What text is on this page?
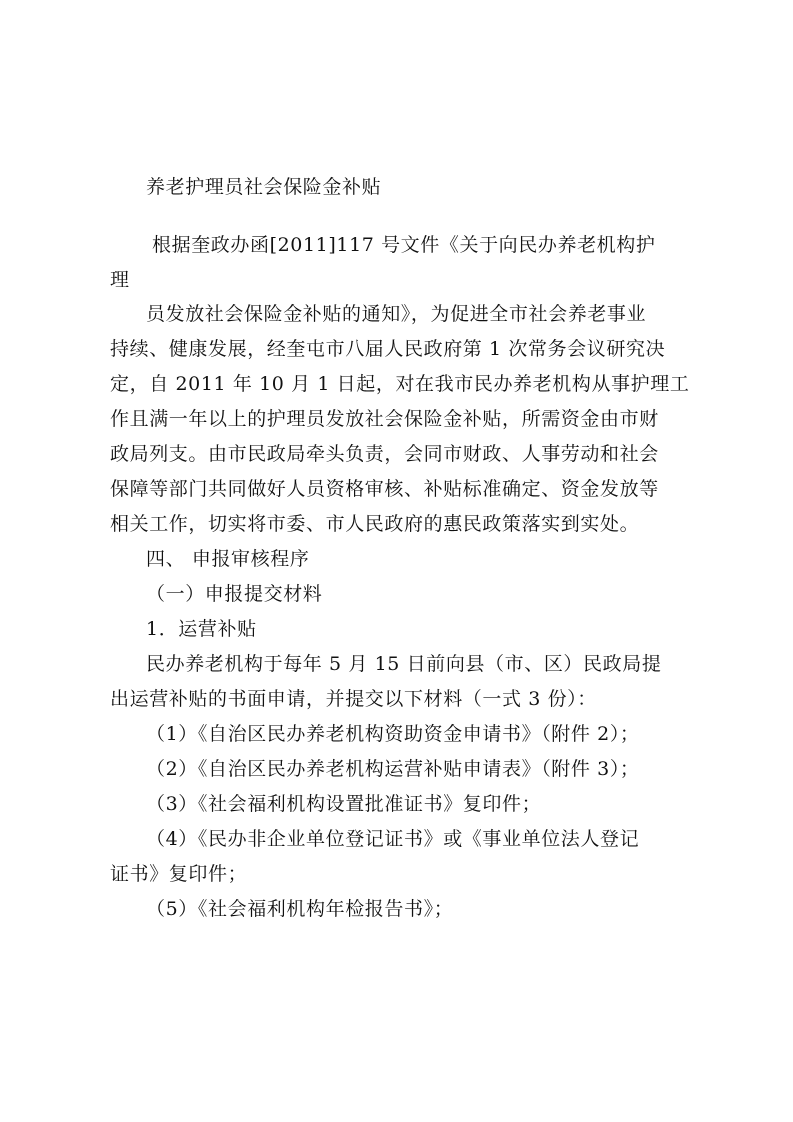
养老护理员社会保险金补贴
根据奎政办函[2011]117 号文件《关于向民办养老机构护
理
员发放社会保险金补贴的通知》，为促进全市社会养老事业
持续、健康发展，经奎屯市八届人民政府第 1 次常务会议研究决
定，自 2011 年 10 月 1 日起，对在我市民办养老机构从事护理工
作且满一年以上的护理员发放社会保险金补贴，所需资金由市财
政局列支。由市民政局牵头负责，会同市财政、人事劳动和社会
保障等部门共同做好人员资格审核、补贴标准确定、资金发放等
相关工作，切实将市委、市人民政府的惠民政策落实到实处。
四、 申报审核程序
（一）申报提交材料
1．运营补贴
民办养老机构于每年 5 月 15 日前向县（市、区）民政局提
出运营补贴的书面申请，并提交以下材料（一式 3 份）：
（1）《自治区民办养老机构资助资金申请书》（附件 2）；
（2）《自治区民办养老机构运营补贴申请表》（附件 3）；
（3）《社会福利机构设置批准证书》复印件；
（4）《民办非企业单位登记证书》或《事业单位法人登记
证书》复印件；
（5）《社会福利机构年检报告书》；
